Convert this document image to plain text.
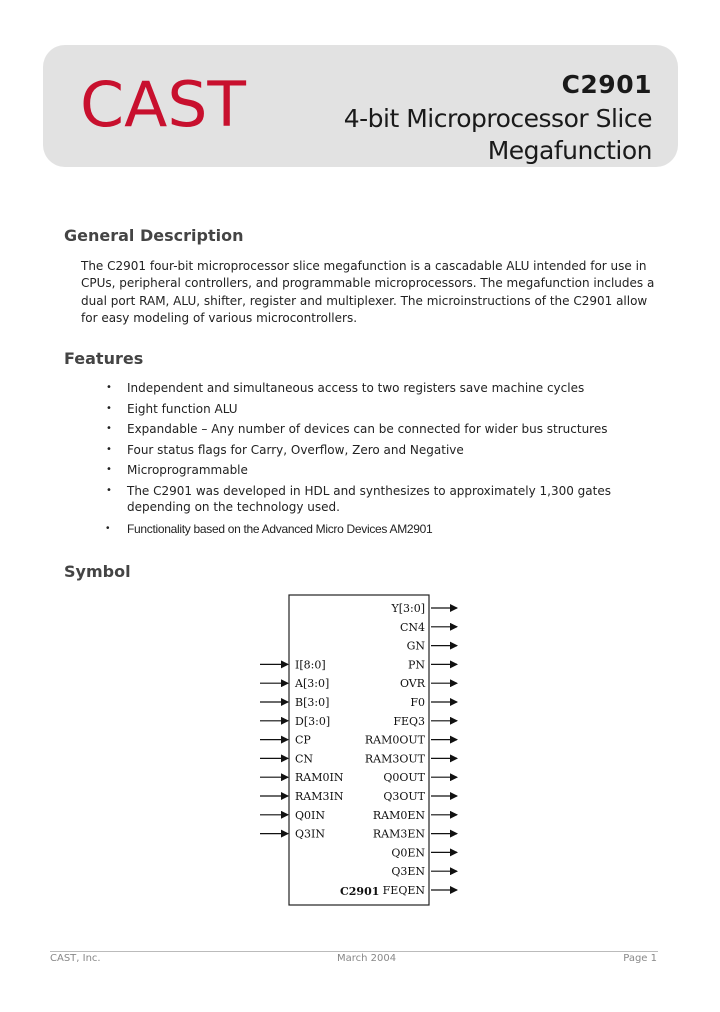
CAST	C2901
4-bit Microprocessor Slice
Megafunction
General Description
The C2901 four-bit microprocessor slice megafunction is a cascadable ALU intended for use in
CPUs, peripheral controllers, and programmable microprocessors. The megafunction includes a
dual port RAM, ALU, shifter, register and multiplexer. The microinstructions of the C2901 allow
for easy modeling of various microcontrollers.
Features
• Independent and simultaneous access to two registers save machine cycles
• Eight function ALU
• Expandable – Any number of devices can be connected for wider bus structures
• Four status flags for Carry, Overflow, Zero and Negative
• Microprogrammable
• The C2901 was developed in HDL and synthesizes to approximately 1,300 gates
depending on the technology used.
• Functionality based on the Advanced Micro Devices AM2901
Symbol
C2901
I[8:0]
A[3:0]
B[3:0]
D[3:0]
CP
CN
RAM0IN
RAM3IN
Q0IN
Q3IN
Y[3:0]
CN4
GN
PN
OVR
F0
FEQ3
RAM0OUT
RAM3OUT
Q0OUT
Q3OUT
RAM0EN
RAM3EN
Q0EN
Q3EN
FEQEN
CAST, Inc.	March 2004	Page 1
